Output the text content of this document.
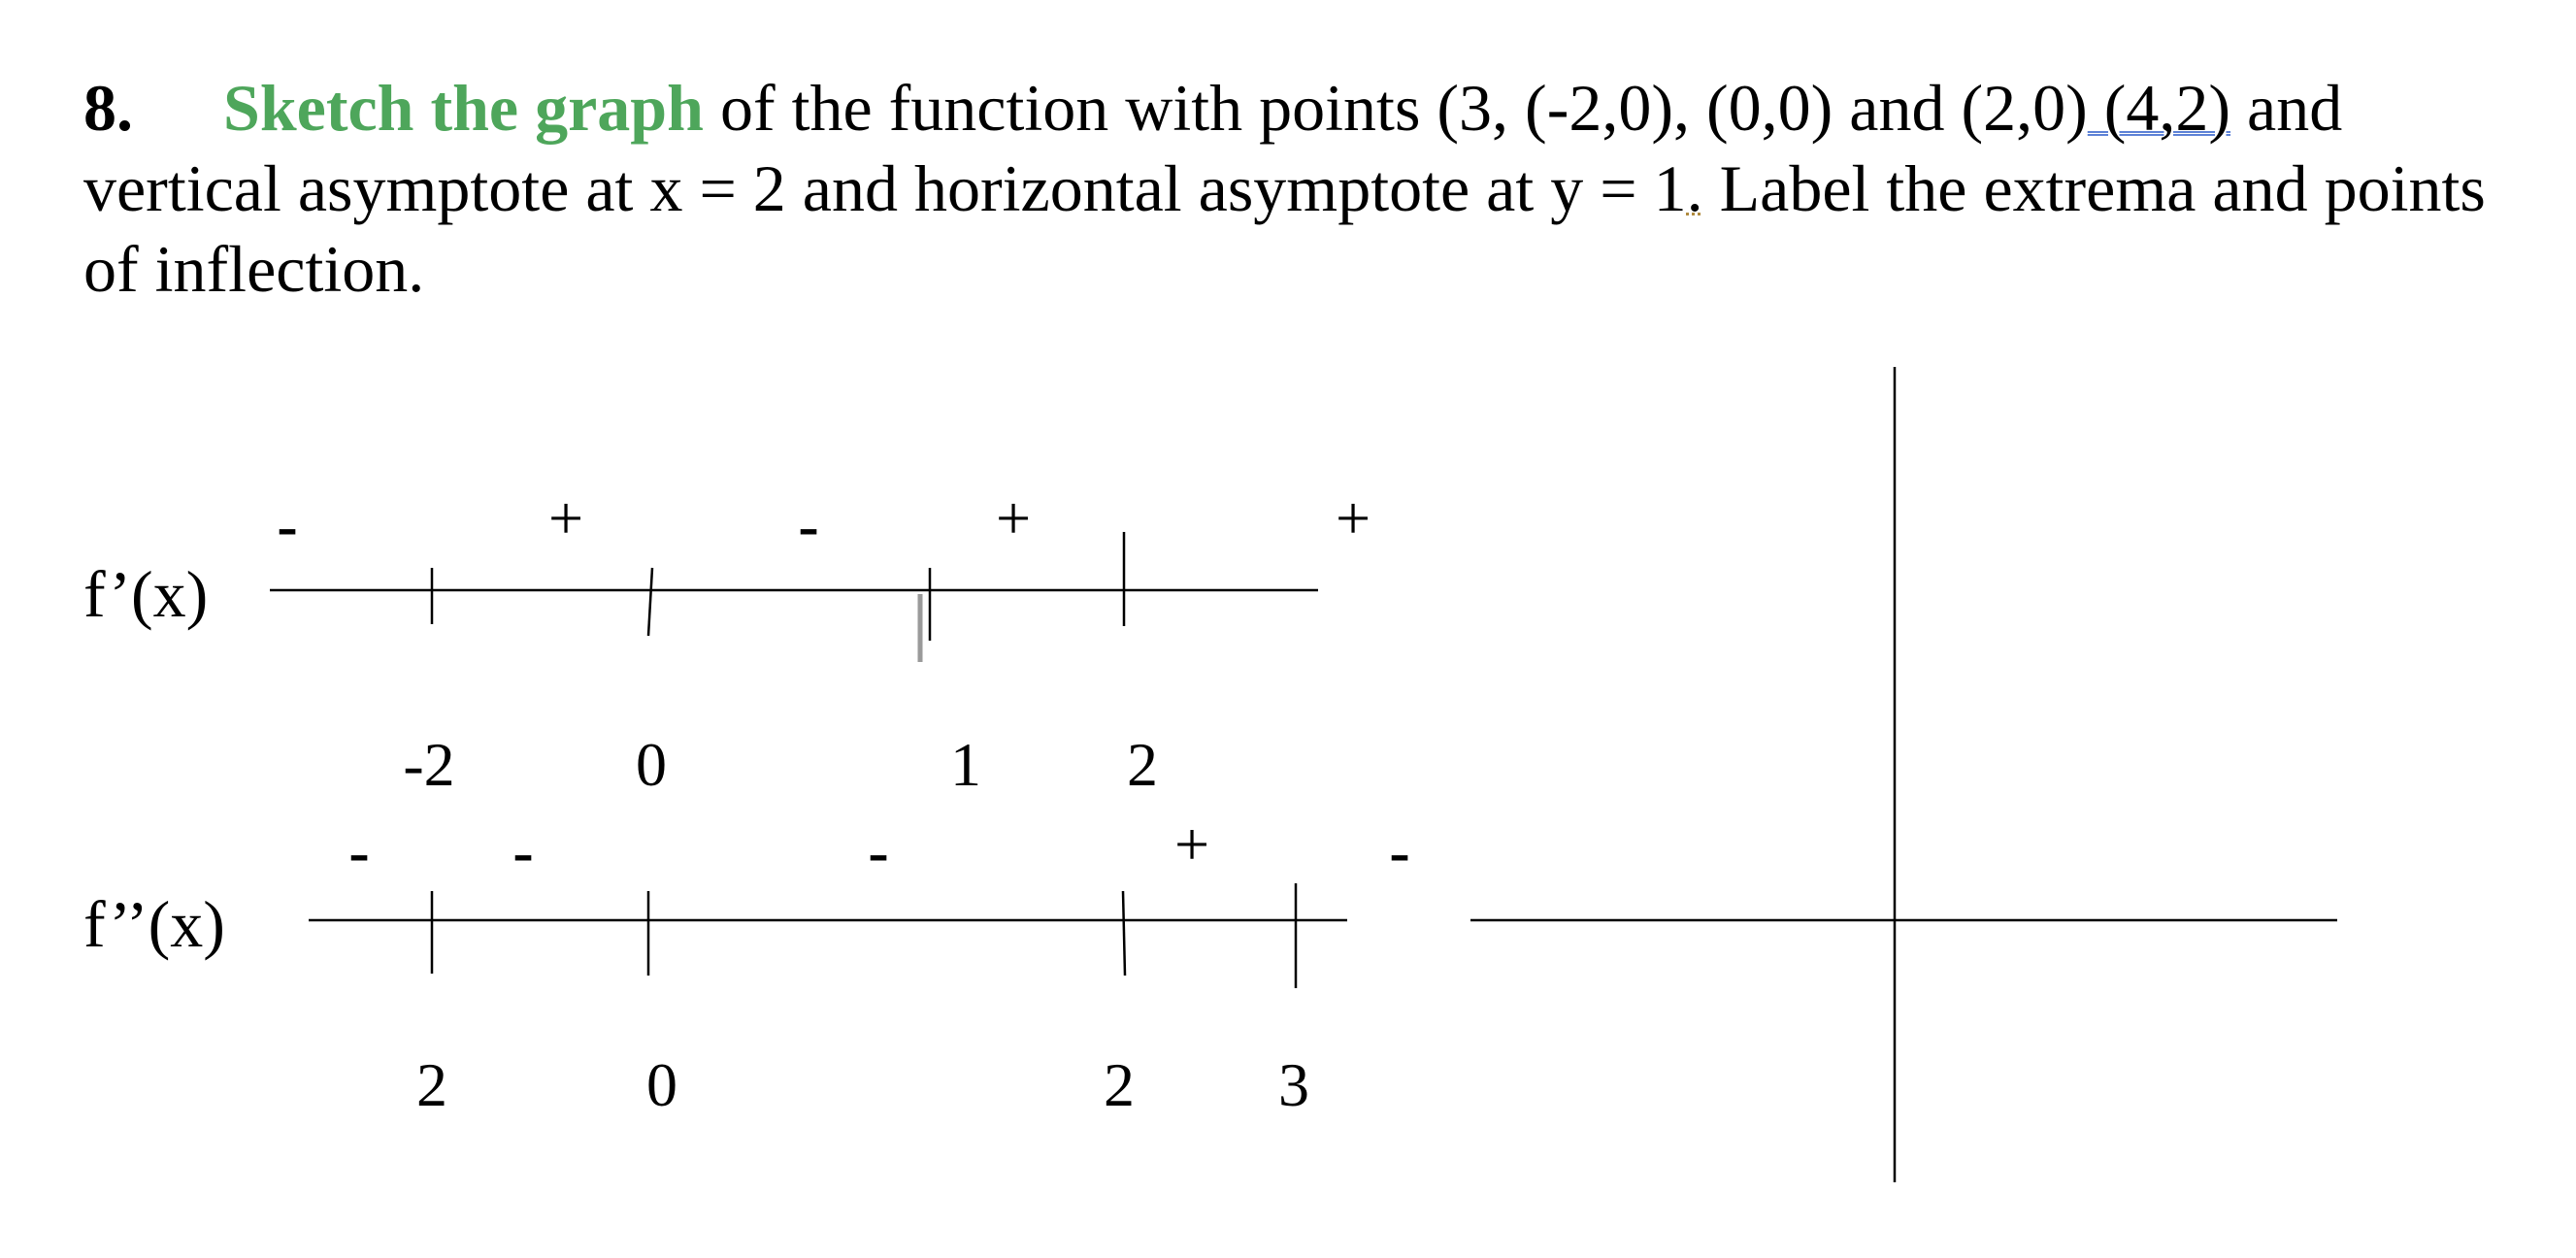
8. Sketch the graph of the function with points (3, (-2,0), (0,0) and (2,0) (4,2) and vertical asymptote at x = 2 and horizontal asymptote at y = 1. Label the extrema and points of inflection.
f’(x)
-	+	-	+	+
-2	0	1 2
f’’(x)
- -	-	+	-
2	0	2 3
